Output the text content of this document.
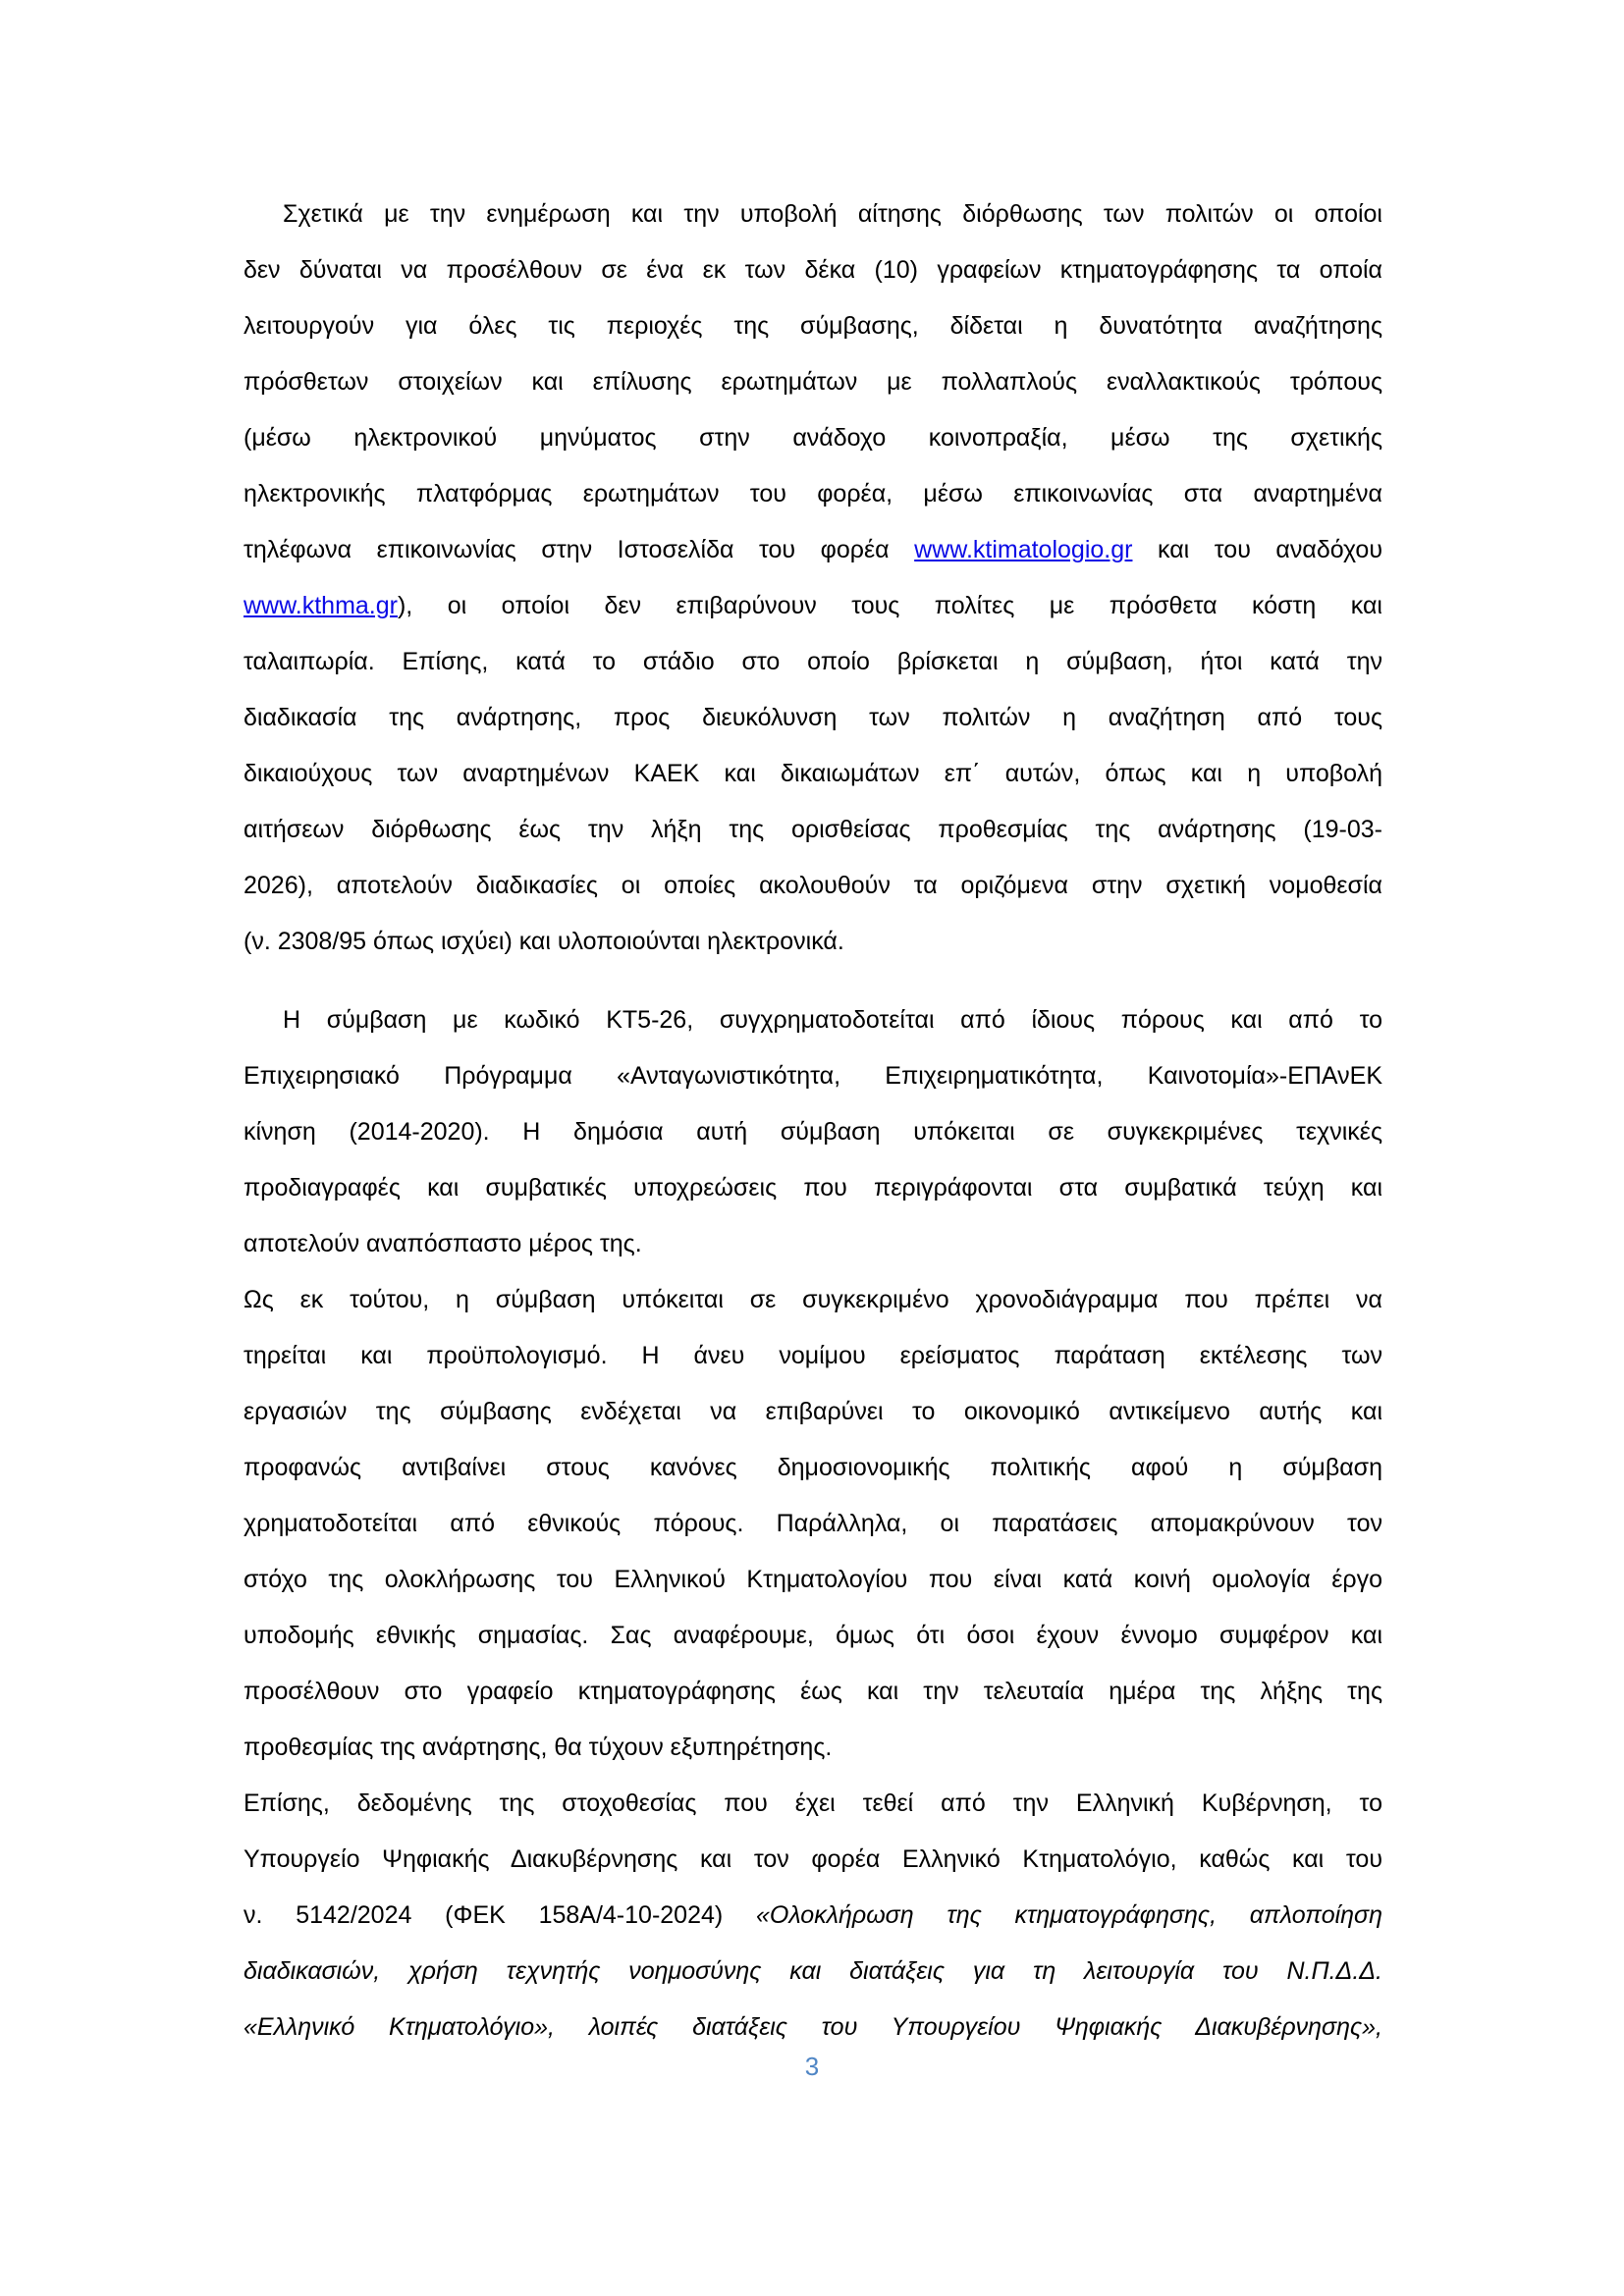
Σχετικά με την ενημέρωση και την υποβολή αίτησης διόρθωσης των πολιτών οι οποίοι
δεν δύναται να προσέλθουν σε ένα εκ των δέκα (10) γραφείων κτηματογράφησης τα οποία
λειτουργούν για όλες τις περιοχές της σύμβασης, δίδεται η δυνατότητα αναζήτησης
πρόσθετων στοιχείων και επίλυσης ερωτημάτων με πολλαπλούς εναλλακτικούς τρόπους
(μέσω ηλεκτρονικού μηνύματος στην ανάδοχο κοινοπραξία, μέσω της σχετικής
ηλεκτρονικής πλατφόρμας ερωτημάτων του φορέα, μέσω επικοινωνίας στα αναρτημένα
τηλέφωνα επικοινωνίας στην Ιστοσελίδα του φορέα www.ktimatologio.gr και του αναδόχου
www.kthma.gr), οι οποίοι δεν επιβαρύνουν τους πολίτες με πρόσθετα κόστη και
ταλαιπωρία. Επίσης, κατά το στάδιο στο οποίο βρίσκεται η σύμβαση, ήτοι κατά την
διαδικασία της ανάρτησης, προς διευκόλυνση των πολιτών η αναζήτηση από τους
δικαιούχους των αναρτημένων ΚΑΕΚ και δικαιωμάτων επ΄ αυτών, όπως και η υποβολή
αιτήσεων διόρθωσης έως την λήξη της ορισθείσας προθεσμίας της ανάρτησης (19-03-
2026), αποτελούν διαδικασίες οι οποίες ακολουθούν τα οριζόμενα στην σχετική νομοθεσία
(ν. 2308/95 όπως ισχύει) και υλοποιούνται ηλεκτρονικά.
Η σύμβαση με κωδικό ΚΤ5-26, συγχρηματοδοτείται από ίδιους πόρους και από το
Επιχειρησιακό Πρόγραμμα «Ανταγωνιστικότητα, Επιχειρηματικότητα, Καινοτομία»-ΕΠΑνΕΚ
κίνηση (2014-2020). Η δημόσια αυτή σύμβαση υπόκειται σε συγκεκριμένες τεχνικές
προδιαγραφές και συμβατικές υποχρεώσεις που περιγράφονται στα συμβατικά τεύχη και
αποτελούν αναπόσπαστο μέρος της.
Ως εκ τούτου, η σύμβαση υπόκειται σε συγκεκριμένο χρονοδιάγραμμα που πρέπει να
τηρείται και προϋπολογισμό. Η άνευ νομίμου ερείσματος παράταση εκτέλεσης των
εργασιών της σύμβασης ενδέχεται να επιβαρύνει το οικονομικό αντικείμενο αυτής και
προφανώς αντιβαίνει στους κανόνες δημοσιονομικής πολιτικής αφού η σύμβαση
χρηματοδοτείται από εθνικούς πόρους. Παράλληλα, οι παρατάσεις απομακρύνουν τον
στόχο της ολοκλήρωσης του Ελληνικού Κτηματολογίου που είναι κατά κοινή ομολογία έργο
υποδομής εθνικής σημασίας. Σας αναφέρουμε, όμως ότι όσοι έχουν έννομο συμφέρον και
προσέλθουν στο γραφείο κτηματογράφησης έως και την τελευταία ημέρα της λήξης της
προθεσμίας της ανάρτησης, θα τύχουν εξυπηρέτησης.
Επίσης, δεδομένης της στοχοθεσίας που έχει τεθεί από την Ελληνική Κυβέρνηση, το
Υπουργείο Ψηφιακής Διακυβέρνησης και τον φορέα Ελληνικό Κτηματολόγιο, καθώς και του
ν. 5142/2024 (ΦΕΚ 158Α/4-10-2024) «Ολοκλήρωση της κτηματογράφησης, απλοποίηση
διαδικασιών, χρήση τεχνητής νοημοσύνης και διατάξεις για τη λειτουργία του Ν.Π.Δ.Δ.
«Ελληνικό Κτηματολόγιο», λοιπές διατάξεις του Υπουργείου Ψηφιακής Διακυβέρνησης»,
3
